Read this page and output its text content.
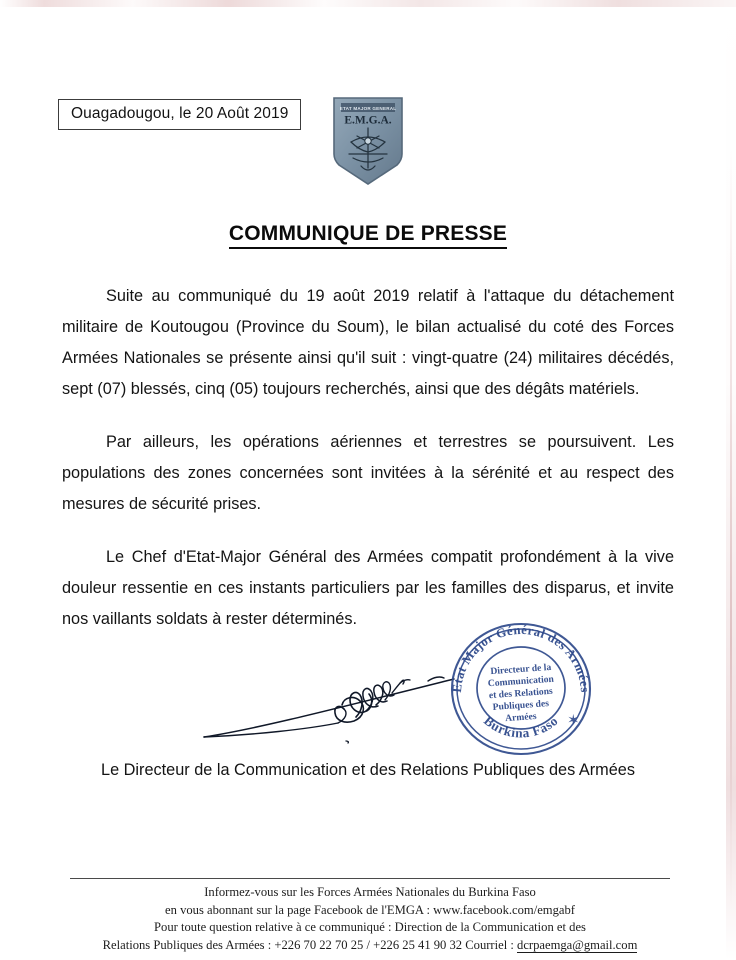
Ouagadougou, le 20 Août 2019	ETAT MAJOR GENERAL
E.M.G.A.
COMMUNIQUE DE PRESSE

Suite au communiqué du 19 août 2019 relatif à l'attaque du détachement militaire de Koutougou (Province du Soum), le bilan actualisé du coté des Forces Armées Nationales se présente ainsi qu'il suit : vingt-quatre (24) militaires décédés, sept (07) blessés, cinq (05) toujours recherchés, ainsi que des dégâts matériels.

Par ailleurs, les opérations aériennes et terrestres se poursuivent. Les populations des zones concernées sont invitées à la sérénité et au respect des mesures de sécurité prises.

Le Chef d'Etat-Major Général des Armées compatit profondément à la vive douleur ressentie en ces instants particuliers par les familles des disparus, et invite nos vaillants soldats à rester déterminés.

Etat Major Général des Armées
Burkina Faso
Directeur de la
Communication
et des Relations
Publiques des
Armées ✶
Le Directeur de la Communication et des Relations Publiques des Armées
Informez-vous sur les Forces Armées Nationales du Burkina Faso
en vous abonnant sur la page Facebook de l'EMGA : www.facebook.com/emgabf
Pour toute question relative à ce communiqué : Direction de la Communication et des
Relations Publiques des Armées : +226 70 22 70 25 / +226 25 41 90 32 Courriel : dcrpaemga@gmail.com
